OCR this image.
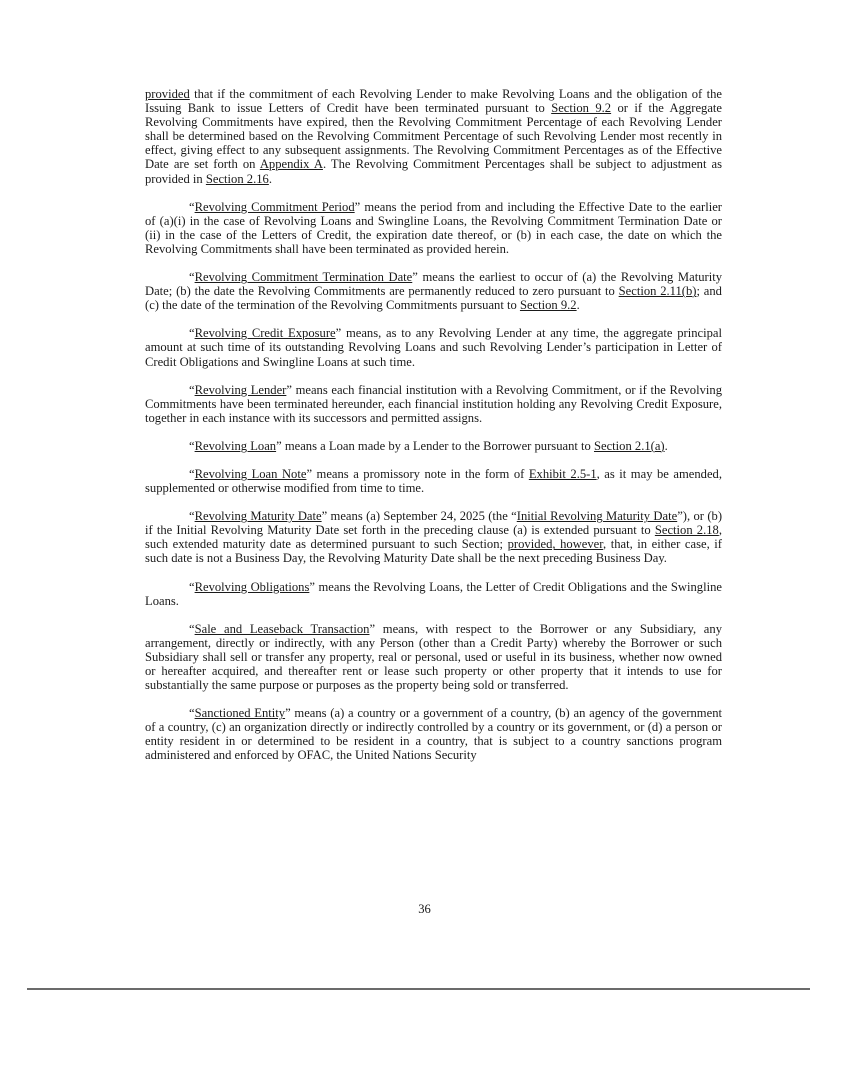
provided that if the commitment of each Revolving Lender to make Revolving Loans and the obligation of the Issuing Bank to issue Letters of Credit have been terminated pursuant to Section 9.2 or if the Aggregate Revolving Commitments have expired, then the Revolving Commitment Percentage of each Revolving Lender shall be determined based on the Revolving Commitment Percentage of such Revolving Lender most recently in effect, giving effect to any subsequent assignments. The Revolving Commitment Percentages as of the Effective Date are set forth on Appendix A. The Revolving Commitment Percentages shall be subject to adjustment as provided in Section 2.16.

“Revolving Commitment Period” means the period from and including the Effective Date to the earlier of (a)(i) in the case of Revolving Loans and Swingline Loans, the Revolving Commitment Termination Date or (ii) in the case of the Letters of Credit, the expiration date thereof, or (b) in each case, the date on which the Revolving Commitments shall have been terminated as provided herein.

“Revolving Commitment Termination Date” means the earliest to occur of (a) the Revolving Maturity Date; (b) the date the Revolving Commitments are permanently reduced to zero pursuant to Section 2.11(b); and (c) the date of the termination of the Revolving Commitments pursuant to Section 9.2.

“Revolving Credit Exposure” means, as to any Revolving Lender at any time, the aggregate principal amount at such time of its outstanding Revolving Loans and such Revolving Lender’s participation in Letter of Credit Obligations and Swingline Loans at such time.

“Revolving Lender” means each financial institution with a Revolving Commitment, or if the Revolving Commitments have been terminated hereunder, each financial institution holding any Revolving Credit Exposure, together in each instance with its successors and permitted assigns.

“Revolving Loan” means a Loan made by a Lender to the Borrower pursuant to Section 2.1(a).

“Revolving Loan Note” means a promissory note in the form of Exhibit 2.5-1, as it may be amended, supplemented or otherwise modified from time to time.

“Revolving Maturity Date” means (a) September 24, 2025 (the “Initial Revolving Maturity Date”), or (b) if the Initial Revolving Maturity Date set forth in the preceding clause (a) is extended pursuant to Section 2.18, such extended maturity date as determined pursuant to such Section; provided, however, that, in either case, if such date is not a Business Day, the Revolving Maturity Date shall be the next preceding Business Day.

“Revolving Obligations” means the Revolving Loans, the Letter of Credit Obligations and the Swingline Loans.

“Sale and Leaseback Transaction” means, with respect to the Borrower or any Subsidiary, any arrangement, directly or indirectly, with any Person (other than a Credit Party) whereby the Borrower or such Subsidiary shall sell or transfer any property, real or personal, used or useful in its business, whether now owned or hereafter acquired, and thereafter rent or lease such property or other property that it intends to use for substantially the same purpose or purposes as the property being sold or transferred.

“Sanctioned Entity” means (a) a country or a government of a country, (b) an agency of the government of a country, (c) an organization directly or indirectly controlled by a country or its government, or (d) a person or entity resident in or determined to be resident in a country, that is subject to a country sanctions program administered and enforced by OFAC, the United Nations Security

36
